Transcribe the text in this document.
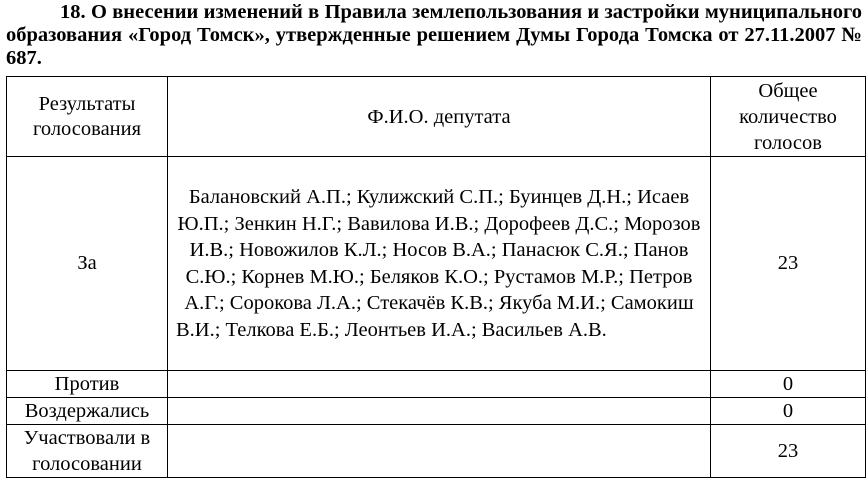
18. О внесении изменений в Правила землепользования и застройки муниципального образования «Город Томск», утвержденные решением Думы Города Томска от 27.11.2007 № 687.
Результаты голосования	Ф.И.О. депутата	Общее количество голосов
За	Балановский А.П.; Кулижский С.П.; Буинцев Д.Н.; Исаев Ю.П.; Зенкин Н.Г.; Вавилова И.В.; Дорофеев Д.С.; Морозов И.В.; Новожилов К.Л.; Носов В.А.; Панасюк С.Я.; Панов С.Ю.; Корнев М.Ю.; Беляков К.О.; Рустамов М.Р.; Петров А.Г.; Сорокова Л.А.; Стекачёв К.В.; Якуба М.И.; Самокиш В.И.; Телкова Е.Б.; Леонтьев И.А.; Васильев А.В.	23
Против		0
Воздержались		0
Участвовали в голосовании		23
